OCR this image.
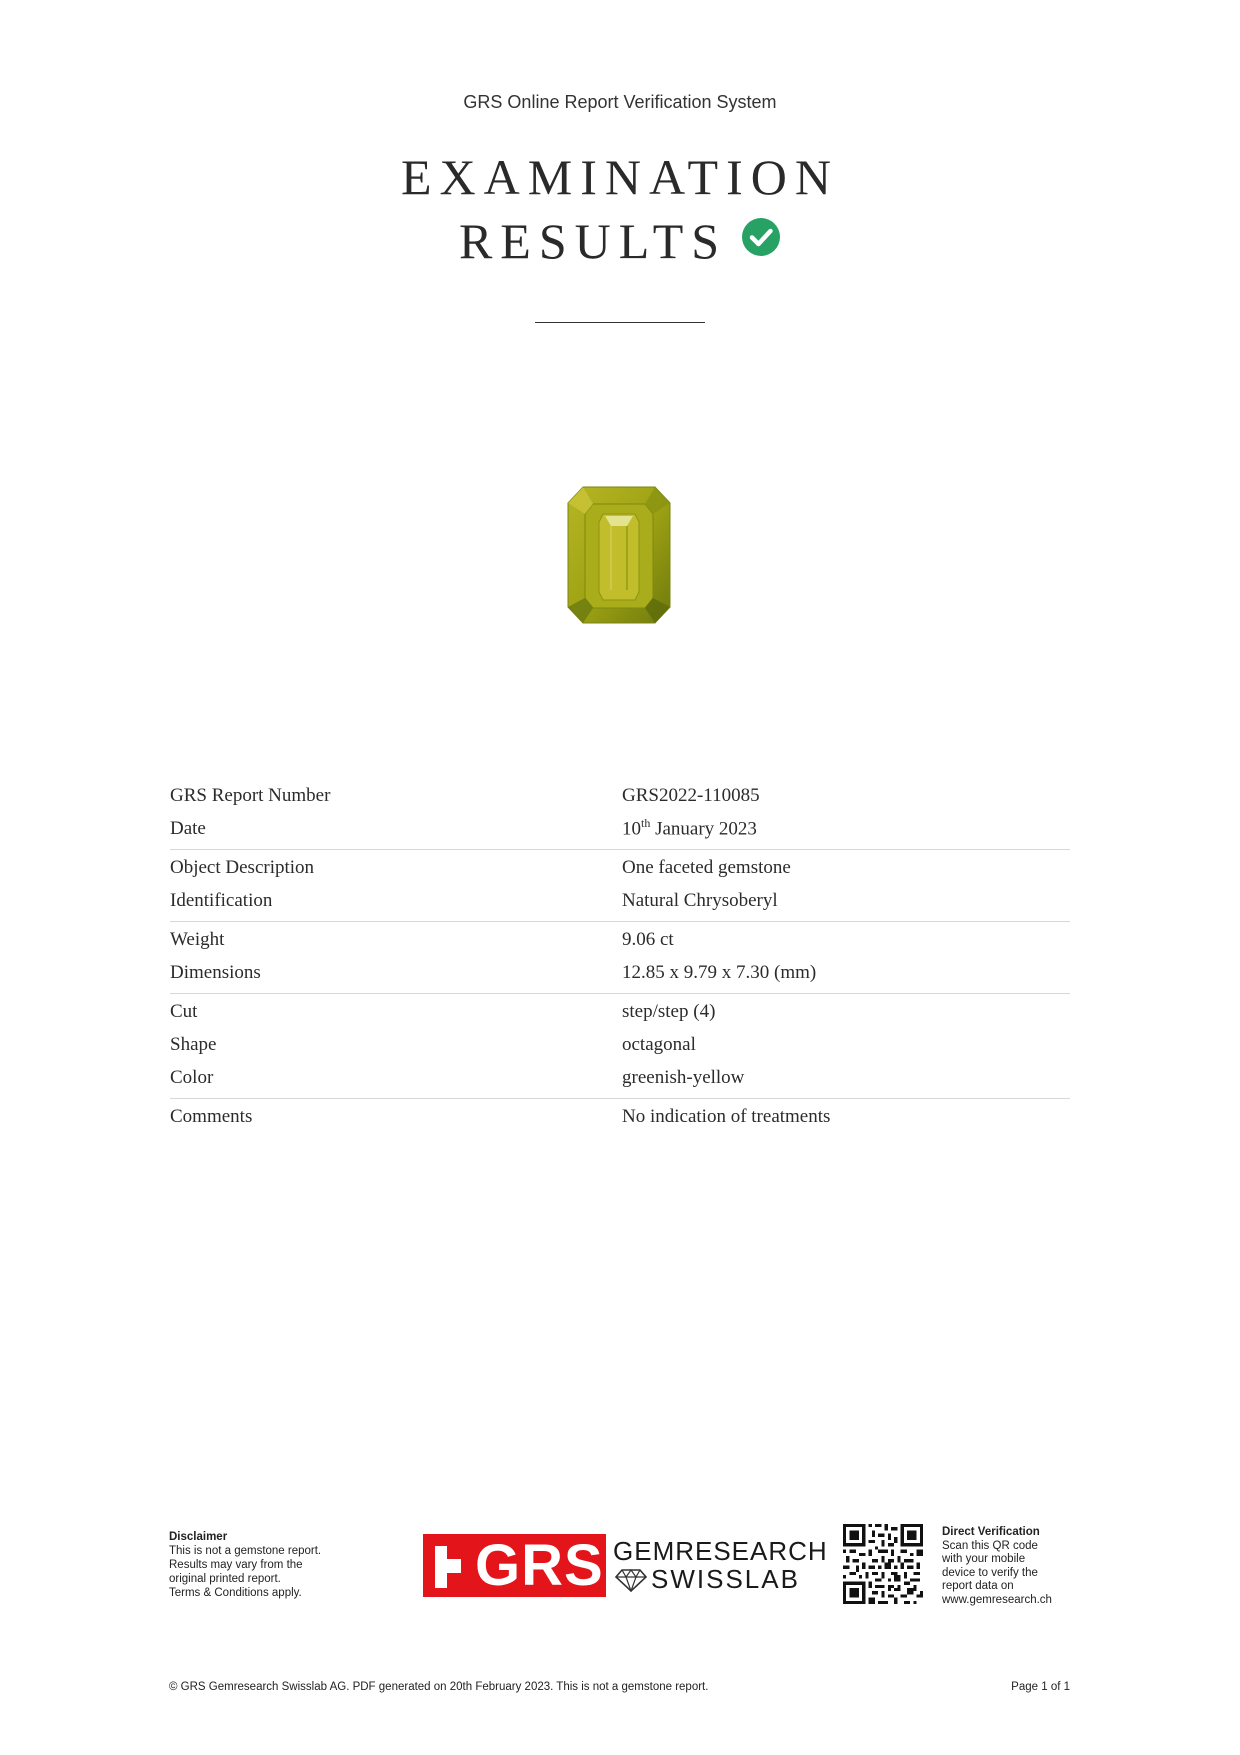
GRS Online Report Verification System
EXAMINATION
RESULTS
GRS Report Number	GRS2022-110085
Date	10th January 2023
Object Description	One faceted gemstone
Identification	Natural Chrysoberyl
Weight	9.06 ct
Dimensions	12.85 x 9.79 x 7.30 (mm)
Cut	step/step (4)
Shape	octagonal
Color	greenish-yellow
Comments	No indication of treatments
Disclaimer
This is not a gemstone report.
Results may vary from the
original printed report.
Terms & Conditions apply.	GRS GEMRESEARCH
SWISSLAB
Direct Verification
Scan this QR code
with your mobile
device to verify the
report data on
www.gemresearch.ch
© GRS Gemresearch Swisslab AG. PDF generated on 20th February 2023. This is not a gemstone report.	Page 1 of 1
